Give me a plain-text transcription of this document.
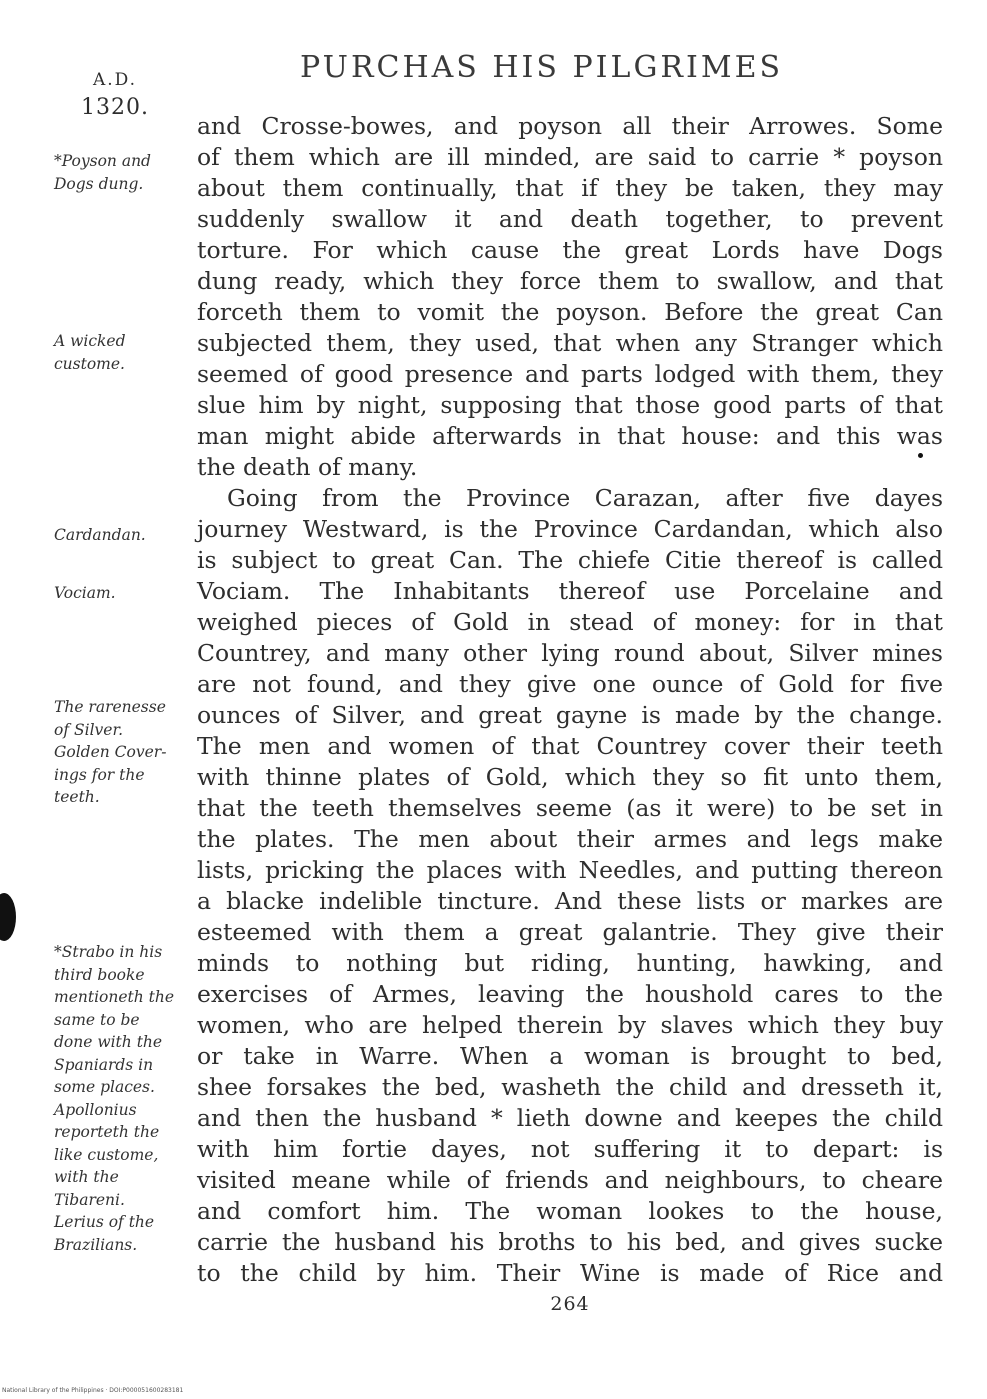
A.D.
1320.
PURCHAS HIS PILGRIMES
and Crosse-bowes, and poyson all their Arrowes. Some
of them which are ill minded, are said to carrie * poyson
about them continually, that if they be taken, they may
suddenly swallow it and death together, to prevent
torture. For which cause the great Lords have Dogs
dung ready, which they force them to swallow, and that
forceth them to vomit the poyson. Before the great Can
subjected them, they used, that when any Stranger which
seemed of good presence and parts lodged with them, they
slue him by night, supposing that those good parts of that
man might abide afterwards in that house: and this was
the death of many.
Going from the Province Carazan, after five dayes
journey Westward, is the Province Cardandan, which also
is subject to great Can. The chiefe Citie thereof is called
Vociam. The Inhabitants thereof use Porcelaine and
weighed pieces of Gold in stead of money: for in that
Countrey, and many other lying round about, Silver mines
are not found, and they give one ounce of Gold for five
ounces of Silver, and great gayne is made by the change.
The men and women of that Countrey cover their teeth
with thinne plates of Gold, which they so fit unto them,
that the teeth themselves seeme (as it were) to be set in
the plates. The men about their armes and legs make
lists, pricking the places with Needles, and putting thereon
a blacke indelible tincture. And these lists or markes are
esteemed with them a great galantrie. They give their
minds to nothing but riding, hunting, hawking, and
exercises of Armes, leaving the houshold cares to the
women, who are helped therein by slaves which they buy
or take in Warre. When a woman is brought to bed,
shee forsakes the bed, washeth the child and dresseth it,
and then the husband * lieth downe and keepes the child
with him fortie dayes, not suffering it to depart: is
visited meane while of friends and neighbours, to cheare
and comfort him. The woman lookes to the house,
carrie the husband his broths to his bed, and gives sucke
to the child by him. Their Wine is made of Rice and
*Poyson and
Dogs dung.
A wicked
custome.
Cardandan.
Vociam.
The rarenesse
of Silver.
Golden Cover-
ings for the
teeth.
*Strabo in his
third booke
mentioneth the
same to be
done with the
Spaniards in
some places.
Apollonius
reporteth the
like custome,
with the
Tibareni.
Lerius of the
Brazilians.
264
National Library of the Philippines · DOI:P000051600283181
